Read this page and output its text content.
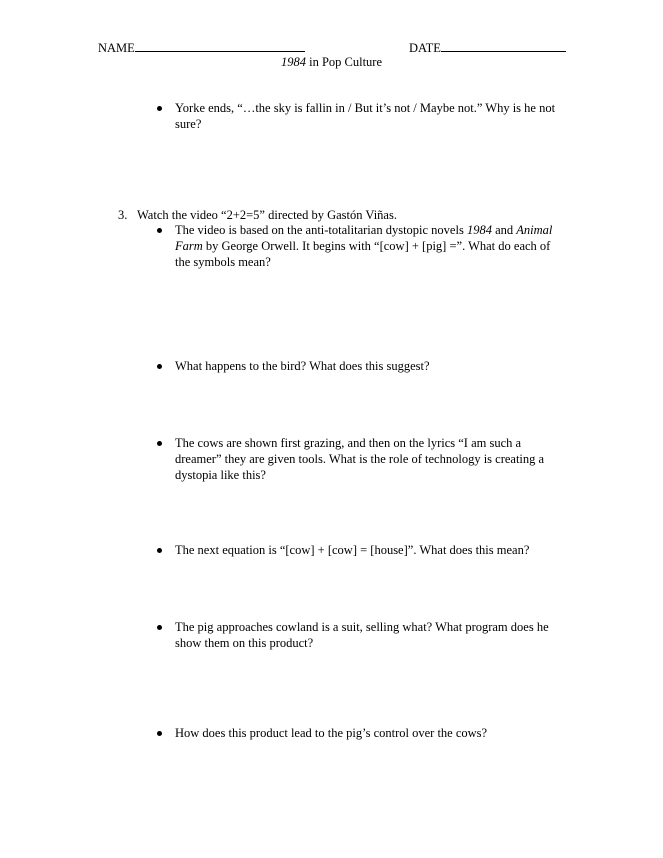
NAME	DATE
1984 in Pop Culture
Yorke ends, “…the sky is fallin in / But it’s not / Maybe not.” Why is he not sure?
3. Watch the video “2+2=5” directed by Gastón Viñas.
The video is based on the anti-totalitarian dystopic novels 1984 and Animal Farm by George Orwell. It begins with “[cow] + [pig] =”. What do each of the symbols mean?
What happens to the bird? What does this suggest?
The cows are shown first grazing, and then on the lyrics “I am such a dreamer” they are given tools. What is the role of technology is creating a dystopia like this?
The next equation is “[cow] + [cow] = [house]”. What does this mean?
The pig approaches cowland is a suit, selling what? What program does he show them on this product?
How does this product lead to the pig’s control over the cows?
